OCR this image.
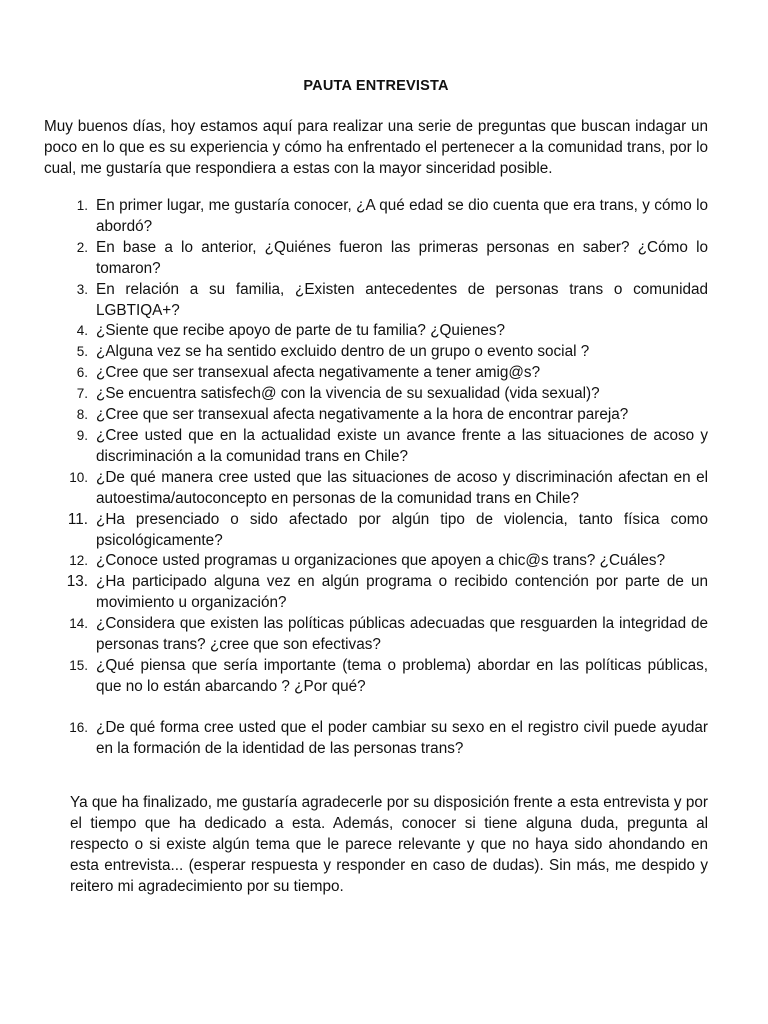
PAUTA ENTREVISTA
Muy buenos días, hoy estamos aquí para realizar una serie de preguntas que buscan indagar un poco en lo que es su experiencia y cómo ha enfrentado el pertenecer a la comunidad trans, por lo cual, me gustaría que respondiera a estas con la mayor sinceridad posible.
1. En primer lugar, me gustaría conocer, ¿A qué edad se dio cuenta que era trans, y cómo lo abordó?
2. En base a lo anterior, ¿Quiénes fueron las primeras personas en saber? ¿Cómo lo tomaron?
3. En relación a su familia, ¿Existen antecedentes de personas trans o comunidad LGBTIQA+?
4. ¿Siente que recibe apoyo de parte de tu familia? ¿Quienes?
5. ¿Alguna vez se ha sentido excluido dentro de un grupo o evento social ?
6. ¿Cree que ser transexual afecta negativamente a tener amig@s?
7. ¿Se encuentra satisfech@ con la vivencia de su sexualidad (vida sexual)?
8. ¿Cree que ser transexual afecta negativamente a la hora de encontrar pareja?
9. ¿Cree usted que en la actualidad existe un avance frente a las situaciones de acoso y discriminación a la comunidad trans en Chile?
10. ¿De qué manera cree usted que las situaciones de acoso y discriminación afectan en el autoestima/autoconcepto en personas de la comunidad trans en Chile?
11. ¿Ha presenciado o sido afectado por algún tipo de violencia, tanto física como psicológicamente?
12. ¿Conoce usted programas u organizaciones que apoyen a chic@s trans? ¿Cuáles?
13. ¿Ha participado alguna vez en algún programa o recibido contención por parte de un movimiento u organización?
14. ¿Considera que existen las políticas públicas adecuadas que resguarden la integridad de personas trans? ¿cree que son efectivas?
15. ¿Qué piensa que sería importante (tema o problema) abordar en las políticas públicas, que no lo están abarcando ? ¿Por qué?
16. ¿De qué forma cree usted que el poder cambiar su sexo en el registro civil puede ayudar en la formación de la identidad de las personas trans?
Ya que ha finalizado, me gustaría agradecerle por su disposición frente a esta entrevista y por el tiempo que ha dedicado a esta. Además, conocer si tiene alguna duda, pregunta al respecto o si existe algún tema que le parece relevante y que no haya sido ahondando en esta entrevista... (esperar respuesta y responder en caso de dudas). Sin más, me despido y reitero mi agradecimiento por su tiempo.
